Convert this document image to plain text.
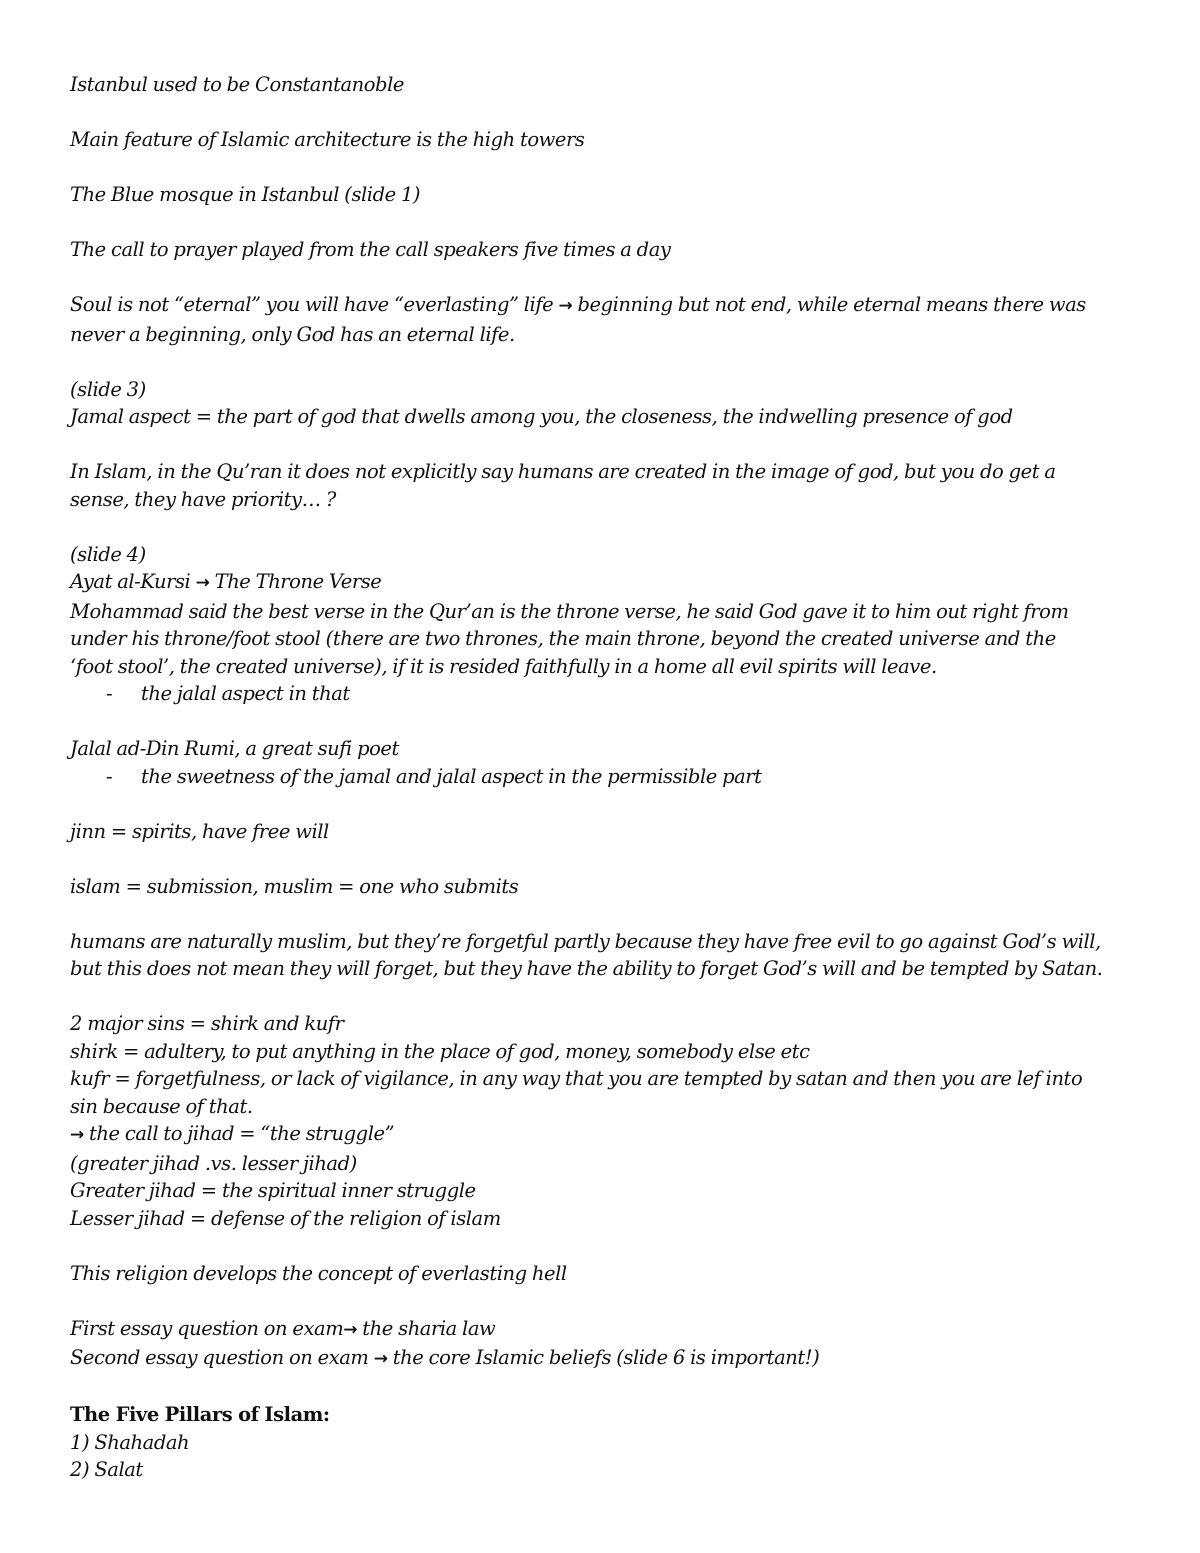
Istanbul used to be Constantanoble
Main feature of Islamic architecture is the high towers
The Blue mosque in Istanbul (slide 1)
The call to prayer played from the call speakers five times a day
Soul is not “eternal” you will have “everlasting” life → beginning but not end, while eternal means there was
never a beginning, only God has an eternal life.
(slide 3)
Jamal aspect = the part of god that dwells among you, the closeness, the indwelling presence of god
In Islam, in the Qu’ran it does not explicitly say humans are created in the image of god, but you do get a
sense, they have priority… ?
(slide 4)
Ayat al-Kursi → The Throne Verse
Mohammad said the best verse in the Qur’an is the throne verse, he said God gave it to him out right from
under his throne/foot stool (there are two thrones, the main throne, beyond the created universe and the
‘foot stool’, the created universe), if it is resided faithfully in a home all evil spirits will leave.
- the jalal aspect in that
Jalal ad-Din Rumi, a great sufi poet
- the sweetness of the jamal and jalal aspect in the permissible part
jinn = spirits, have free will
islam = submission, muslim = one who submits
humans are naturally muslim, but they’re forgetful partly because they have free evil to go against God’s will,
but this does not mean they will forget, but they have the ability to forget God’s will and be tempted by Satan.
2 major sins = shirk and kufr
shirk = adultery, to put anything in the place of god, money, somebody else etc
kufr = forgetfulness, or lack of vigilance, in any way that you are tempted by satan and then you are lef into
sin because of that.
→ the call to jihad = “the struggle”
(greater jihad .vs. lesser jihad)
Greater jihad = the spiritual inner struggle
Lesser jihad = defense of the religion of islam
This religion develops the concept of everlasting hell
First essay question on exam→ the sharia law
Second essay question on exam → the core Islamic beliefs (slide 6 is important!)
The Five Pillars of Islam:
1) Shahadah
2) Salat
